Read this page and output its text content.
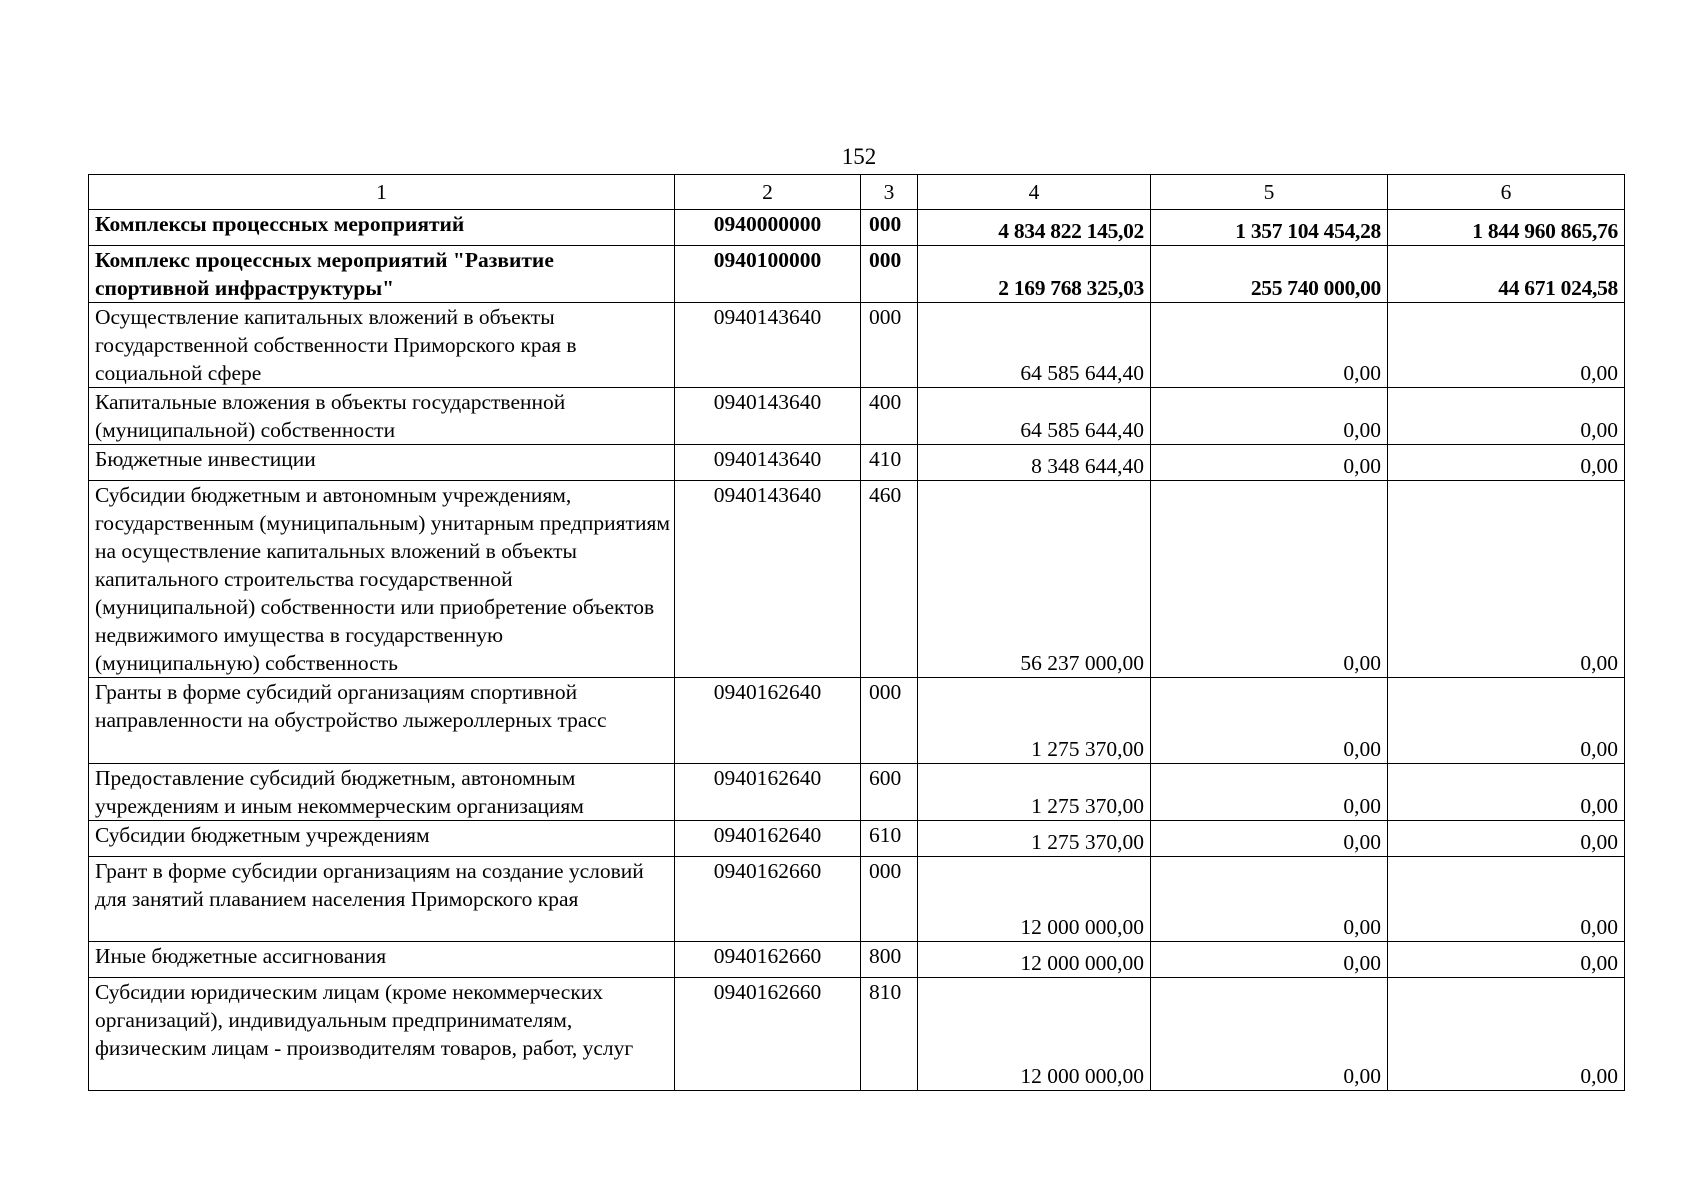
152
1	2	3	4	5	6
Комплексы процессных мероприятий	0940000000	000	4 834 822 145,02	1 357 104 454,28	1 844 960 865,76
Комплекс процессных мероприятий "Развитие спортивной инфраструктуры"	0940100000	000	2 169 768 325,03	255 740 000,00	44 671 024,58
Осуществление капитальных вложений в объекты государственной собственности Приморского края в социальной сфере	0940143640	000	64 585 644,40	0,00	0,00
Капитальные вложения в объекты государственной (муниципальной) собственности	0940143640	400	64 585 644,40	0,00	0,00
Бюджетные инвестиции	0940143640	410	8 348 644,40	0,00	0,00
Субсидии бюджетным и автономным учреждениям, государственным (муниципальным) унитарным предприятиям на осуществление капитальных вложений в объекты капитального строительства государственной (муниципальной) собственности или приобретение объектов недвижимого имущества в государственную (муниципальную) собственность	0940143640	460	56 237 000,00	0,00	0,00
Гранты в форме субсидий организациям спортивной направленности на обустройство лыжероллерных трасс	0940162640	000	1 275 370,00	0,00	0,00
Предоставление субсидий бюджетным, автономным учреждениям и иным некоммерческим организациям	0940162640	600	1 275 370,00	0,00	0,00
Субсидии бюджетным учреждениям	0940162640	610	1 275 370,00	0,00	0,00
Грант в форме субсидии организациям на создание условий для занятий плаванием населения Приморского края	0940162660	000	12 000 000,00	0,00	0,00
Иные бюджетные ассигнования	0940162660	800	12 000 000,00	0,00	0,00
Субсидии юридическим лицам (кроме некоммерческих организаций), индивидуальным предпринимателям, физическим лицам - производителям товаров, работ, услуг	0940162660	810	12 000 000,00	0,00	0,00
